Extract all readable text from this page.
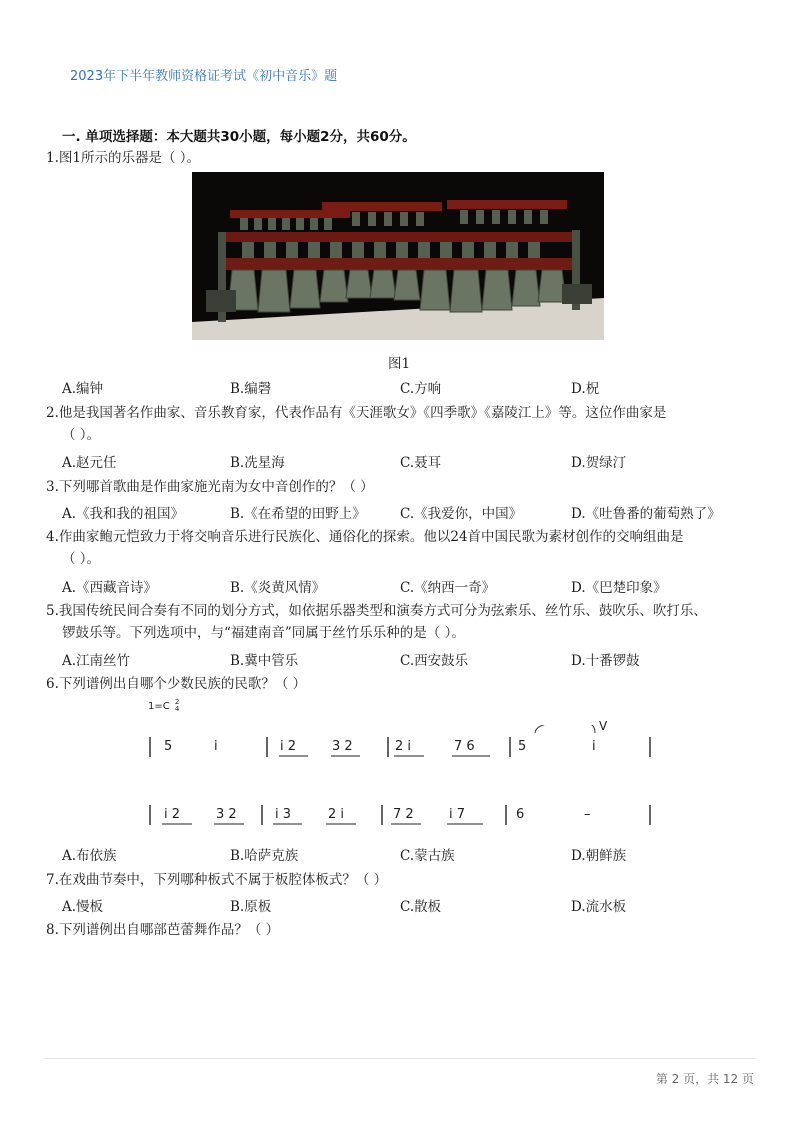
2023年下半年教师资格证考试《初中音乐》题
一. 单项选择题：本大题共30小题，每小题2分，共60分。
1.图1所示的乐器是（ ）。
图1
A.编钟	B.编磬	C.方响	D.柷
2.他是我国著名作曲家、音乐教育家，代表作品有《天涯歌女》《四季歌》《嘉陵江上》等。这位作曲家是
（ ）。
A.赵元任	B.冼星海	C.聂耳	D.贺绿汀
3.下列哪首歌曲是作曲家施光南为女中音创作的？（ ）
A.《我和我的祖国》	B.《在希望的田野上》	C.《我爱你，中国》	D.《吐鲁番的葡萄熟了》
4.作曲家鲍元恺致力于将交响音乐进行民族化、通俗化的探索。他以24首中国民歌为素材创作的交响组曲是
（ ）。
A.《西藏音诗》	B.《炎黄风情》	C.《纳西一奇》	D.《巴楚印象》
5.我国传统民间合奏有不同的划分方式，如依据乐器类型和演奏方式可分为弦索乐、丝竹乐、鼓吹乐、吹打乐、
锣鼓乐等。下列选项中，与“福建南音”同属于丝竹乐乐种的是（ ）。
A.江南丝竹	B.冀中管乐	C.西安鼓乐	D.十番锣鼓
6.下列谱例出自哪个少数民族的民歌？（ ）
1=C 2
4
5	i	i 2	3 2	2 i	7 6	5	i
V
i 2	3 2	i 3	2 i	7 2	i 7	6	–
A.布依族	B.哈萨克族	C.蒙古族	D.朝鲜族
7.在戏曲节奏中，下列哪种板式不属于板腔体板式？（ ）
A.慢板	B.原板	C.散板	D.流水板
8.下列谱例出自哪部芭蕾舞作品？（ ）
第 2 页，共 12 页
